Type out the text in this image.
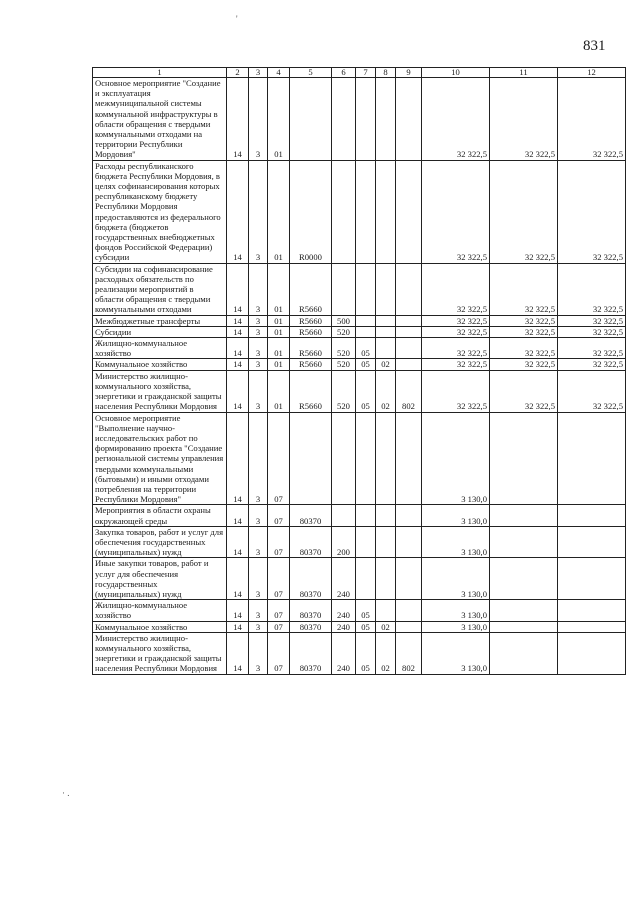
831
'
· .
1	2	3	4	5	6	7	8	9	10	11	12
Основное мероприятие "Создание и эксплуатация межмуниципальной системы коммунальной инфраструктуры в области обращения с твердыми коммунальными отходами на территории Республики Мордовия"	14	3	01						32 322,5	32 322,5	32 322,5
Расходы республиканского бюджета Республики Мордовия, в целях софинансирования которых республиканскому бюджету Республики Мордовия предоставляются из федерального бюджета (бюджетов государственных внебюджетных фондов Российской Федерации) субсидии	14	3	01	R0000					32 322,5	32 322,5	32 322,5
Субсидии на софинансирование расходных обязательств по реализации мероприятий в области обращения с твердыми коммунальными отходами	14	3	01	R5660					32 322,5	32 322,5	32 322,5
Межбюджетные трансферты	14	3	01	R5660	500				32 322,5	32 322,5	32 322,5
Субсидии	14	3	01	R5660	520				32 322,5	32 322,5	32 322,5
Жилищно-коммунальное хозяйство	14	3	01	R5660	520	05			32 322,5	32 322,5	32 322,5
Коммунальное хозяйство	14	3	01	R5660	520	05	02		32 322,5	32 322,5	32 322,5
Министерство жилищно-коммунального хозяйства, энергетики и гражданской защиты населения Республики Мордовия	14	3	01	R5660	520	05	02	802	32 322,5	32 322,5	32 322,5
Основное мероприятие "Выполнение научно-исследовательских работ по формированию проекта "Создание региональной системы управления твердыми коммунальными (бытовыми) и иными отходами потребления на территории Республики Мордовия"	14	3	07						3 130,0		
Мероприятия в области охраны окружающей среды	14	3	07	80370					3 130,0		
Закупка товаров, работ и услуг для обеспечения государственных (муниципальных) нужд	14	3	07	80370	200				3 130,0		
Иные закупки товаров, работ и услуг для обеспечения государственных (муниципальных) нужд	14	3	07	80370	240				3 130,0		
Жилищно-коммунальное хозяйство	14	3	07	80370	240	05			3 130,0		
Коммунальное хозяйство	14	3	07	80370	240	05	02		3 130,0		
Министерство жилищно-коммунального хозяйства, энергетики и гражданской защиты населения Республики Мордовия	14	3	07	80370	240	05	02	802	3 130,0		
